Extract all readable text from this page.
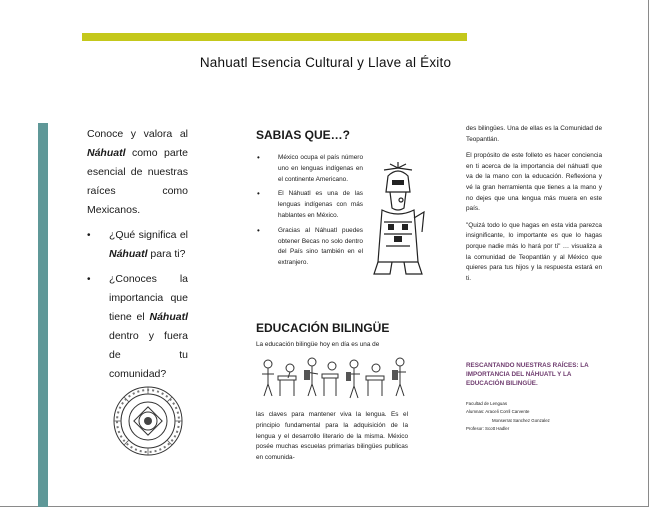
Nahuatl Esencia Cultural y Llave al Éxito

Conoce y valora al Náhuatl como parte esencial de nuestras raíces como Mexicanos.

• ¿Qué significa el Náhuatl para ti?
• ¿Conoces la importancia que tiene el Náhuatl dentro y fuera de tu comunidad?
SABIAS QUE…?
• México ocupa el país número uno en lenguas indígenas en el continente Americano.
• El Náhuatl es una de las lenguas indígenas con más hablantes en México.
• Gracias al Náhuatl puedes obtener Becas no solo dentro del País sino también en el extranjero.
EDUCACIÓN BILINGÜE
La educación bilingüe hoy en día es una de

las claves para mantener viva la lengua. Es el principio fundamental para la adquisición de la lengua y el desarrollo literario de la misma. México posée muchas escuelas primarias bilingües publicas en comunida-

des bilingües. Una de ellas es la Comunidad de Teopantlán.

El propósito de este folleto es hacer conciencia en ti acerca de la importancia del náhuatl que va de la mano con la educación. Reflexiona y vé la gran herramienta que tienes a la mano y no dejes que una lengua más muera en este país.

"Quizá todo lo que hagas en esta vida parezca insignificante, lo importante es que lo hagas porque nadie más lo hará por ti" … visualiza a la comunidad de Teopantlán y al México que quieres para tus hijos y la respuesta estará en ti.

RESCANTANDO NUESTRAS RAÍCES: LA IMPORTANCIA DEL NÁHUATL Y LA EDUCACIÓN BILINGÜE.
Facultad de Lenguas
Alumnas: Araceli Corril Carvente
Monserrat Sanchez Gonzalez
Profesor: Scott Hadler
